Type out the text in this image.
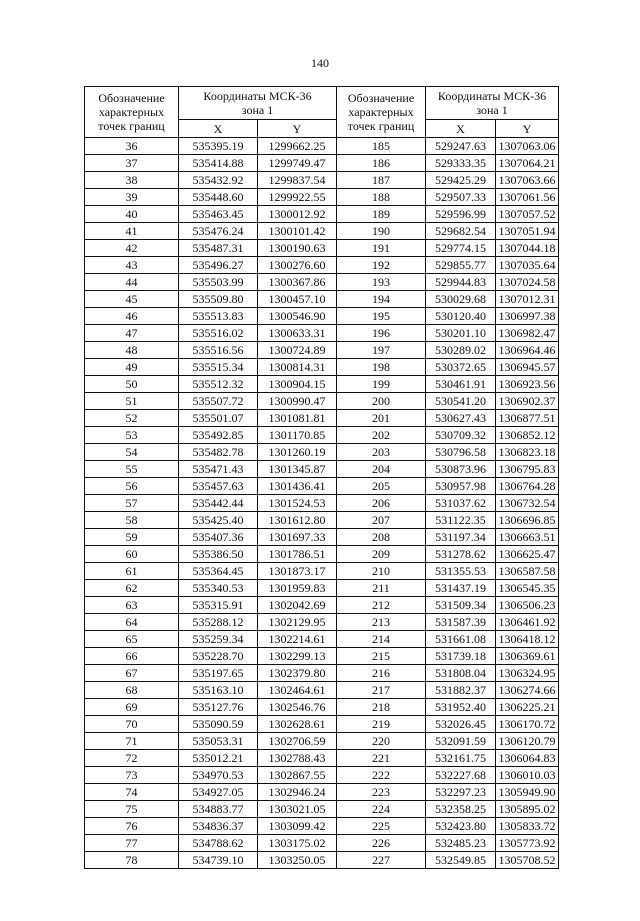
140
Обозначение
характерных
точек границ	Координаты МСК-36
зона 1		Обозначение
характерных
точек границ	Координаты МСК-36
зона 1	

	X	Y		X	Y
36	535395.19	1299662.25	185	529247.63	1307063.06
37	535414.88	1299749.47	186	529333.35	1307064.21
38	535432.92	1299837.54	187	529425.29	1307063.66
39	535448.60	1299922.55	188	529507.33	1307061.56
40	535463.45	1300012.92	189	529596.99	1307057.52
41	535476.24	1300101.42	190	529682.54	1307051.94
42	535487.31	1300190.63	191	529774.15	1307044.18
43	535496.27	1300276.60	192	529855.77	1307035.64
44	535503.99	1300367.86	193	529944.83	1307024.58
45	535509.80	1300457.10	194	530029.68	1307012.31
46	535513.83	1300546.90	195	530120.40	1306997.38
47	535516.02	1300633.31	196	530201.10	1306982.47
48	535516.56	1300724.89	197	530289.02	1306964.46
49	535515.34	1300814.31	198	530372.65	1306945.57
50	535512.32	1300904.15	199	530461.91	1306923.56
51	535507.72	1300990.47	200	530541.20	1306902.37
52	535501.07	1301081.81	201	530627.43	1306877.51
53	535492.85	1301170.85	202	530709.32	1306852.12
54	535482.78	1301260.19	203	530796.58	1306823.18
55	535471.43	1301345.87	204	530873.96	1306795.83
56	535457.63	1301436.41	205	530957.98	1306764.28
57	535442.44	1301524.53	206	531037.62	1306732.54
58	535425.40	1301612.80	207	531122.35	1306696.85
59	535407.36	1301697.33	208	531197.34	1306663.51
60	535386.50	1301786.51	209	531278.62	1306625.47
61	535364.45	1301873.17	210	531355.53	1306587.58
62	535340.53	1301959.83	211	531437.19	1306545.35
63	535315.91	1302042.69	212	531509.34	1306506.23
64	535288.12	1302129.95	213	531587.39	1306461.92
65	535259.34	1302214.61	214	531661.08	1306418.12
66	535228.70	1302299.13	215	531739.18	1306369.61
67	535197.65	1302379.80	216	531808.04	1306324.95
68	535163.10	1302464.61	217	531882.37	1306274.66
69	535127.76	1302546.76	218	531952.40	1306225.21
70	535090.59	1302628.61	219	532026.45	1306170.72
71	535053.31	1302706.59	220	532091.59	1306120.79
72	535012.21	1302788.43	221	532161.75	1306064.83
73	534970.53	1302867.55	222	532227.68	1306010.03
74	534927.05	1302946.24	223	532297.23	1305949.90
75	534883.77	1303021.05	224	532358.25	1305895.02
76	534836.37	1303099.42	225	532423.80	1305833.72
77	534788.62	1303175.02	226	532485.23	1305773.92
78	534739.10	1303250.05	227	532549.85	1305708.52
